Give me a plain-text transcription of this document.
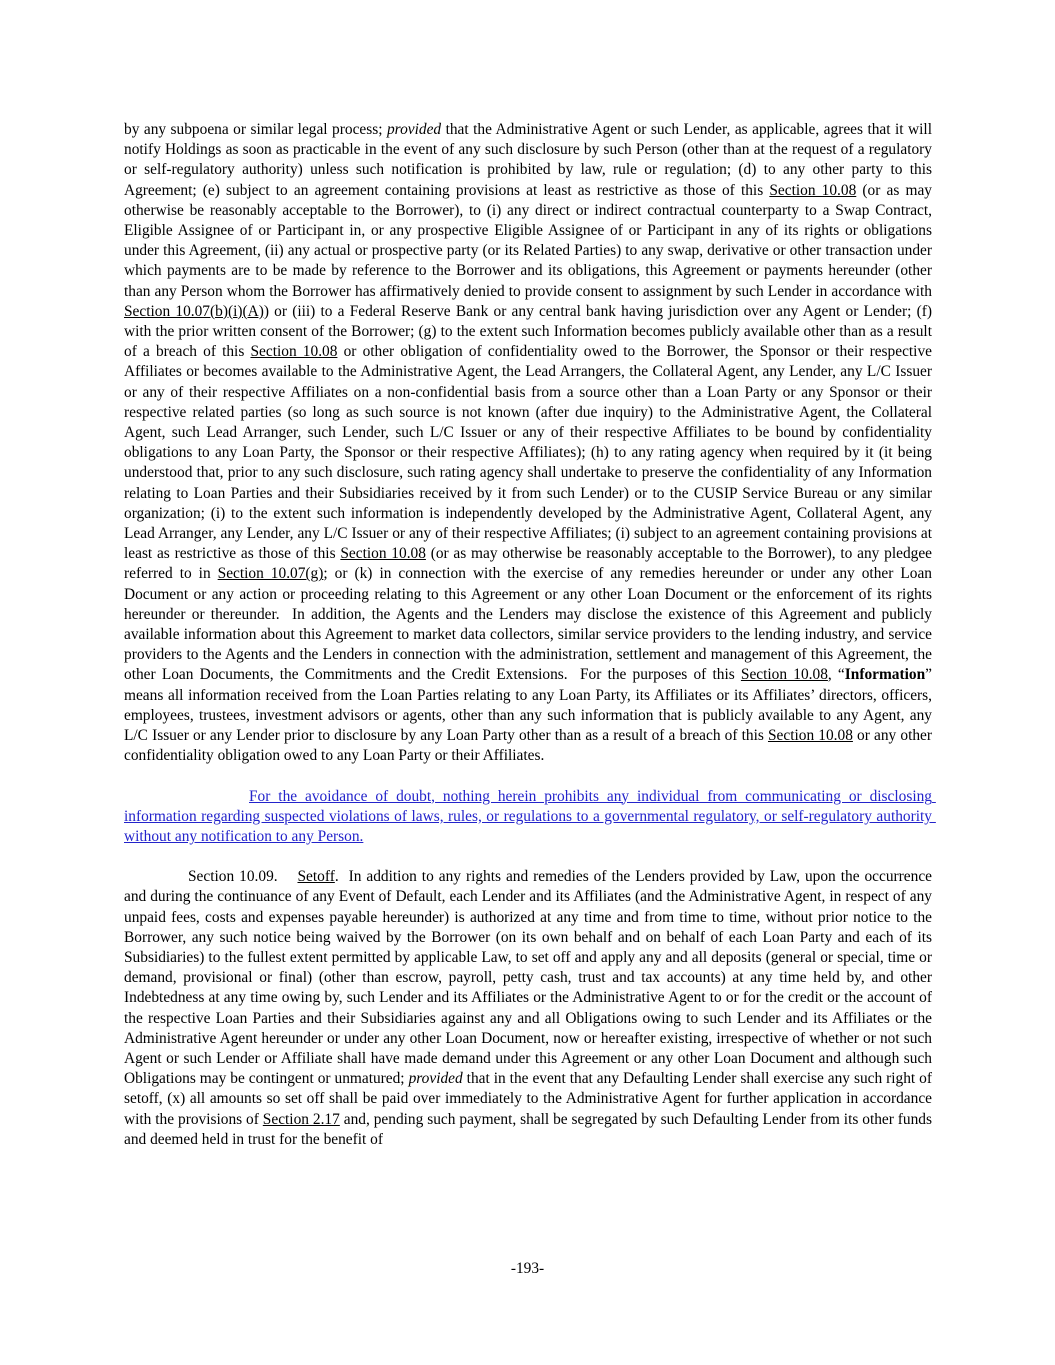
by any subpoena or similar legal process; provided that the Administrative Agent or such Lender, as applicable, agrees that it will notify Holdings as soon as practicable in the event of any such disclosure by such Person (other than at the request of a regulatory or self-regulatory authority) unless such notification is prohibited by law, rule or regulation; (d) to any other party to this Agreement; (e) subject to an agreement containing provisions at least as restrictive as those of this Section 10.08 (or as may otherwise be reasonably acceptable to the Borrower), to (i) any direct or indirect contractual counterparty to a Swap Contract, Eligible Assignee of or Participant in, or any prospective Eligible Assignee of or Participant in any of its rights or obligations under this Agreement, (ii) any actual or prospective party (or its Related Parties) to any swap, derivative or other transaction under which payments are to be made by reference to the Borrower and its obligations, this Agreement or payments hereunder (other than any Person whom the Borrower has affirmatively denied to provide consent to assignment by such Lender in accordance with Section 10.07(b)(i)(A)) or (iii) to a Federal Reserve Bank or any central bank having jurisdiction over any Agent or Lender; (f) with the prior written consent of the Borrower; (g) to the extent such Information becomes publicly available other than as a result of a breach of this Section 10.08 or other obligation of confidentiality owed to the Borrower, the Sponsor or their respective Affiliates or becomes available to the Administrative Agent, the Lead Arrangers, the Collateral Agent, any Lender, any L/C Issuer or any of their respective Affiliates on a non-confidential basis from a source other than a Loan Party or any Sponsor or their respective related parties (so long as such source is not known (after due inquiry) to the Administrative Agent, the Collateral Agent, such Lead Arranger, such Lender, such L/C Issuer or any of their respective Affiliates to be bound by confidentiality obligations to any Loan Party, the Sponsor or their respective Affiliates); (h) to any rating agency when required by it (it being understood that, prior to any such disclosure, such rating agency shall undertake to preserve the confidentiality of any Information relating to Loan Parties and their Subsidiaries received by it from such Lender) or to the CUSIP Service Bureau or any similar organization; (i) to the extent such information is independently developed by the Administrative Agent, Collateral Agent, any Lead Arranger, any Lender, any L/C Issuer or any of their respective Affiliates; (i) subject to an agreement containing provisions at least as restrictive as those of this Section 10.08 (or as may otherwise be reasonably acceptable to the Borrower), to any pledgee referred to in Section 10.07(g); or (k) in connection with the exercise of any remedies hereunder or under any other Loan Document or any action or proceeding relating to this Agreement or any other Loan Document or the enforcement of its rights hereunder or thereunder.  In addition, the Agents and the Lenders may disclose the existence of this Agreement and publicly available information about this Agreement to market data collectors, similar service providers to the lending industry, and service providers to the Agents and the Lenders in connection with the administration, settlement and management of this Agreement, the other Loan Documents, the Commitments and the Credit Extensions.  For the purposes of this Section 10.08, “Information” means all information received from the Loan Parties relating to any Loan Party, its Affiliates or its Affiliates’ directors, officers, employees, trustees, investment advisors or agents, other than any such information that is publicly available to any Agent, any L/C Issuer or any Lender prior to disclosure by any Loan Party other than as a result of a breach of this Section 10.08 or any other confidentiality obligation owed to any Loan Party or their Affiliates.

For the avoidance of doubt, nothing herein prohibits any individual from communicating or disclosing information regarding suspected violations of laws, rules, or regulations to a governmental regulatory, or self-regulatory authority without any notification to any Person.

Section 10.09.    Setoff.  In addition to any rights and remedies of the Lenders provided by Law, upon the occurrence and during the continuance of any Event of Default, each Lender and its Affiliates (and the Administrative Agent, in respect of any unpaid fees, costs and expenses payable hereunder) is authorized at any time and from time to time, without prior notice to the Borrower, any such notice being waived by the Borrower (on its own behalf and on behalf of each Loan Party and each of its Subsidiaries) to the fullest extent permitted by applicable Law, to set off and apply any and all deposits (general or special, time or demand, provisional or final) (other than escrow, payroll, petty cash, trust and tax accounts) at any time held by, and other Indebtedness at any time owing by, such Lender and its Affiliates or the Administrative Agent to or for the credit or the account of the respective Loan Parties and their Subsidiaries against any and all Obligations owing to such Lender and its Affiliates or the Administrative Agent hereunder or under any other Loan Document, now or hereafter existing, irrespective of whether or not such Agent or such Lender or Affiliate shall have made demand under this Agreement or any other Loan Document and although such Obligations may be contingent or unmatured; provided that in the event that any Defaulting Lender shall exercise any such right of setoff, (x) all amounts so set off shall be paid over immediately to the Administrative Agent for further application in accordance with the provisions of Section 2.17 and, pending such payment, shall be segregated by such Defaulting Lender from its other funds and deemed held in trust for the benefit of

-193-
